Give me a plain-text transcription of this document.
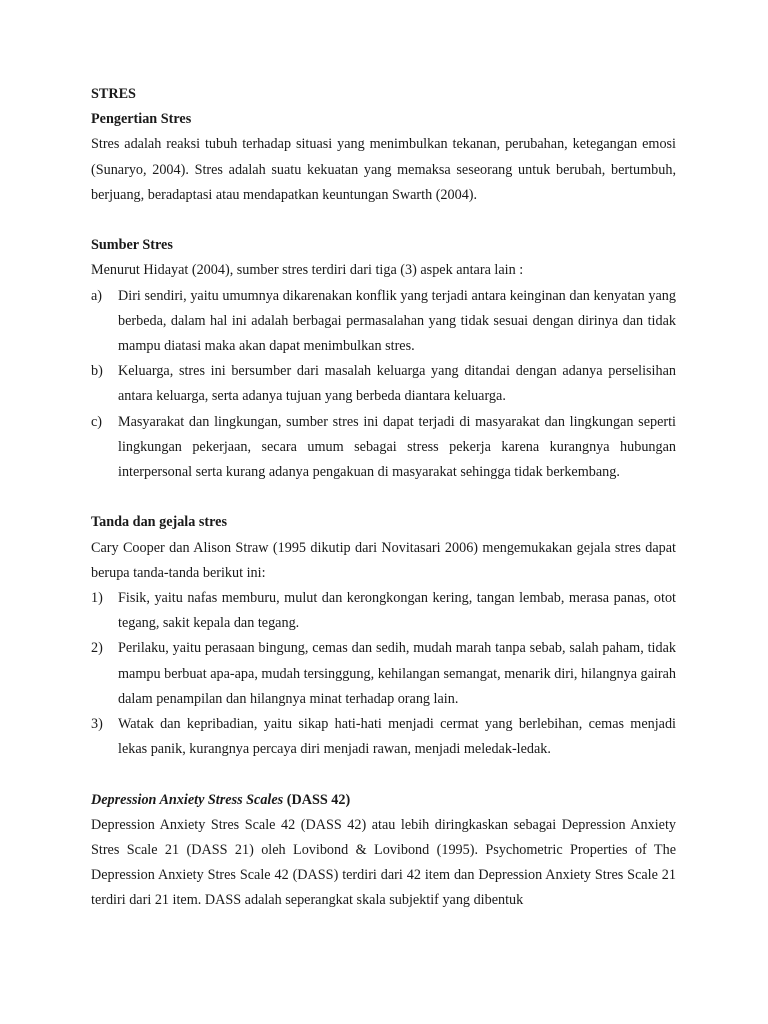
STRES

Pengertian Stres

Stres adalah reaksi tubuh terhadap situasi yang menimbulkan tekanan, perubahan, ketegangan emosi (Sunaryo, 2004). Stres adalah suatu kekuatan yang memaksa seseorang untuk berubah, bertumbuh, berjuang, beradaptasi atau mendapatkan keuntungan Swarth (2004).

Sumber Stres

Menurut Hidayat (2004), sumber stres terdiri dari tiga (3) aspek antara lain :

a) Diri sendiri, yaitu umumnya dikarenakan konflik yang terjadi antara keinginan dan kenyatan yang berbeda, dalam hal ini adalah berbagai permasalahan yang tidak sesuai dengan dirinya dan tidak mampu diatasi maka akan dapat menimbulkan stres.
b) Keluarga, stres ini bersumber dari masalah keluarga yang ditandai dengan adanya perselisihan antara keluarga, serta adanya tujuan yang berbeda diantara keluarga.
c) Masyarakat dan lingkungan, sumber stres ini dapat terjadi di masyarakat dan lingkungan seperti lingkungan pekerjaan, secara umum sebagai stress pekerja karena kurangnya hubungan interpersonal serta kurang adanya pengakuan di masyarakat sehingga tidak berkembang.

Tanda dan gejala stres

Cary Cooper dan Alison Straw (1995 dikutip dari Novitasari 2006) mengemukakan gejala stres dapat berupa tanda-tanda berikut ini:

1) Fisik, yaitu nafas memburu, mulut dan kerongkongan kering, tangan lembab, merasa panas, otot tegang, sakit kepala dan tegang.
2) Perilaku, yaitu perasaan bingung, cemas dan sedih, mudah marah tanpa sebab, salah paham, tidak mampu berbuat apa-apa, mudah tersinggung, kehilangan semangat, menarik diri, hilangnya gairah dalam penampilan dan hilangnya minat terhadap orang lain.
3) Watak dan kepribadian, yaitu sikap hati-hati menjadi cermat yang berlebihan, cemas menjadi lekas panik, kurangnya percaya diri menjadi rawan, menjadi meledak-ledak.

Depression Anxiety Stress Scales (DASS 42)

Depression Anxiety Stres Scale 42 (DASS 42) atau lebih diringkaskan sebagai Depression Anxiety Stres Scale 21 (DASS 21) oleh Lovibond & Lovibond (1995). Psychometric Properties of The Depression Anxiety Stres Scale 42 (DASS) terdiri dari 42 item dan Depression Anxiety Stres Scale 21 terdiri dari 21 item. DASS adalah seperangkat skala subjektif yang dibentuk
